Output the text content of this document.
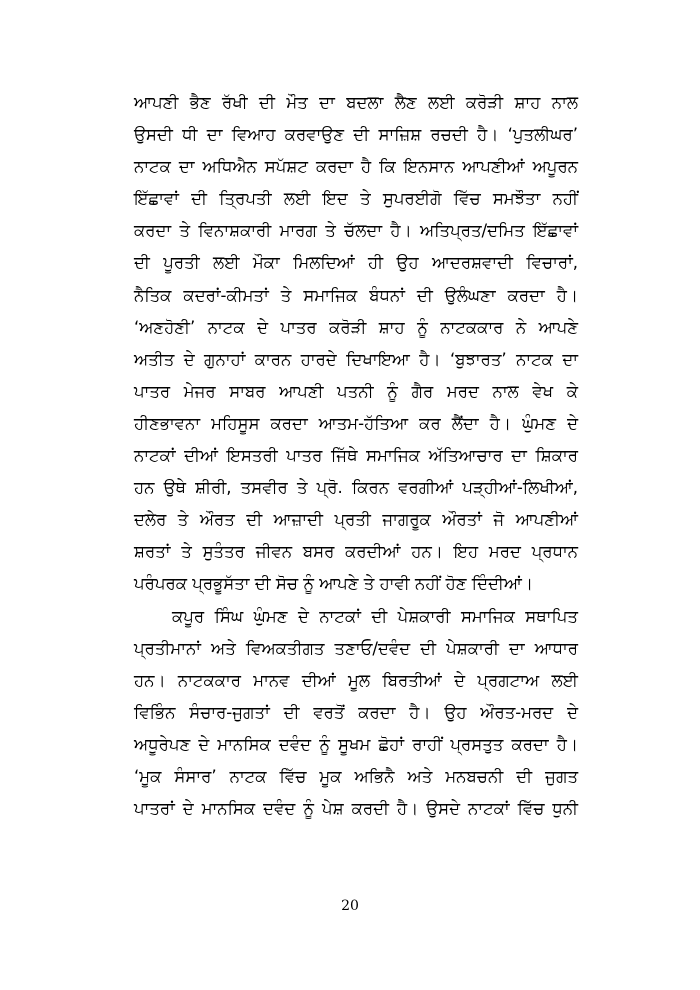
ਆਪਣੀ ਭੈਣ ਰੱਖੀ ਦੀ ਮੌਤ ਦਾ ਬਦਲਾ ਲੈਣ ਲਈ ਕਰੋੜੀ ਸ਼ਾਹ ਨਾਲ
ਉਸਦੀ ਧੀ ਦਾ ਵਿਆਹ ਕਰਵਾਉਣ ਦੀ ਸਾਜ਼ਿਸ਼ ਰਚਦੀ ਹੈ। ‘ਪੁਤਲੀਘਰ’
ਨਾਟਕ ਦਾ ਅਧਿਐਨ ਸਪੱਸ਼ਟ ਕਰਦਾ ਹੈ ਕਿ ਇਨਸਾਨ ਆਪਣੀਆਂ ਅਪੂਰਨ
ਇੱਛਾਵਾਂ ਦੀ ਤ੍ਰਿਪਤੀ ਲਈ ਇਦ ਤੇ ਸੁਪਰਈਗੋ ਵਿੱਚ ਸਮਝੌਤਾ ਨਹੀਂ
ਕਰਦਾ ਤੇ ਵਿਨਾਸ਼ਕਾਰੀ ਮਾਰਗ ਤੇ ਚੱਲਦਾ ਹੈ। ਅਤਿਪ੍ਰਤ/ਦਮਿਤ ਇੱਛਾਵਾਂ
ਦੀ ਪੂਰਤੀ ਲਈ ਮੌਕਾ ਮਿਲਦਿਆਂ ਹੀ ਉਹ ਆਦਰਸ਼ਵਾਦੀ ਵਿਚਾਰਾਂ,
ਨੈਤਿਕ ਕਦਰਾਂ-ਕੀਮਤਾਂ ਤੇ ਸਮਾਜਿਕ ਬੰਧਨਾਂ ਦੀ ਉਲੰਘਣਾ ਕਰਦਾ ਹੈ।
‘ਅਣਹੋਣੀ’ ਨਾਟਕ ਦੇ ਪਾਤਰ ਕਰੋੜੀ ਸ਼ਾਹ ਨੂੰ ਨਾਟਕਕਾਰ ਨੇ ਆਪਣੇ
ਅਤੀਤ ਦੇ ਗੁਨਾਹਾਂ ਕਾਰਨ ਹਾਰਦੇ ਦਿਖਾਇਆ ਹੈ। ‘ਬੁਝਾਰਤ’ ਨਾਟਕ ਦਾ
ਪਾਤਰ ਮੇਜਰ ਸਾਬਰ ਆਪਣੀ ਪਤਨੀ ਨੂੰ ਗੈਰ ਮਰਦ ਨਾਲ ਵੇਖ ਕੇ
ਹੀਣਭਾਵਨਾ ਮਹਿਸੂਸ ਕਰਦਾ ਆਤਮ-ਹੱਤਿਆ ਕਰ ਲੈਂਦਾ ਹੈ। ਘੁੰਮਣ ਦੇ
ਨਾਟਕਾਂ ਦੀਆਂ ਇਸਤਰੀ ਪਾਤਰ ਜਿੱਥੇ ਸਮਾਜਿਕ ਅੱਤਿਆਚਾਰ ਦਾ ਸ਼ਿਕਾਰ
ਹਨ ਉਥੇ ਸ਼ੀਰੀ, ਤਸਵੀਰ ਤੇ ਪ੍ਰੋ. ਕਿਰਨ ਵਰਗੀਆਂ ਪੜ੍ਹੀਆਂ-ਲਿਖੀਆਂ,
ਦਲੇਰ ਤੇ ਔਰਤ ਦੀ ਆਜ਼ਾਦੀ ਪ੍ਰਤੀ ਜਾਗਰੂਕ ਔਰਤਾਂ ਜੋ ਆਪਣੀਆਂ
ਸ਼ਰਤਾਂ ਤੇ ਸੁਤੰਤਰ ਜੀਵਨ ਬਸਰ ਕਰਦੀਆਂ ਹਨ। ਇਹ ਮਰਦ ਪ੍ਰਧਾਨ
ਪਰੰਪਰਕ ਪ੍ਰਭੂਸੱਤਾ ਦੀ ਸੋਚ ਨੂੰ ਆਪਣੇ ਤੇ ਹਾਵੀ ਨਹੀਂ ਹੋਣ ਦਿੰਦੀਆਂ।
ਕਪੂਰ ਸਿੰਘ ਘੁੰਮਣ ਦੇ ਨਾਟਕਾਂ ਦੀ ਪੇਸ਼ਕਾਰੀ ਸਮਾਜਿਕ ਸਥਾਪਿਤ
ਪ੍ਰਤੀਮਾਨਾਂ ਅਤੇ ਵਿਅਕਤੀਗਤ ਤਣਾਓ/ਦਵੰਦ ਦੀ ਪੇਸ਼ਕਾਰੀ ਦਾ ਆਧਾਰ
ਹਨ। ਨਾਟਕਕਾਰ ਮਾਨਵ ਦੀਆਂ ਮੂਲ ਬਿਰਤੀਆਂ ਦੇ ਪ੍ਰਗਟਾਅ ਲਈ
ਵਿਭਿੰਨ ਸੰਚਾਰ-ਜੁਗਤਾਂ ਦੀ ਵਰਤੋਂ ਕਰਦਾ ਹੈ। ਉਹ ਔਰਤ-ਮਰਦ ਦੇ
ਅਧੂਰੇਪਣ ਦੇ ਮਾਨਸਿਕ ਦਵੰਦ ਨੂੰ ਸੂਖਮ ਛੋਹਾਂ ਰਾਹੀਂ ਪ੍ਰਸਤੁਤ ਕਰਦਾ ਹੈ।
‘ਮੂਕ ਸੰਸਾਰ’ ਨਾਟਕ ਵਿੱਚ ਮੂਕ ਅਭਿਨੈ ਅਤੇ ਮਨਬਚਨੀ ਦੀ ਜੁਗਤ
ਪਾਤਰਾਂ ਦੇ ਮਾਨਸਿਕ ਦਵੰਦ ਨੂੰ ਪੇਸ਼ ਕਰਦੀ ਹੈ। ਉਸਦੇ ਨਾਟਕਾਂ ਵਿੱਚ ਧੁਨੀ
20
